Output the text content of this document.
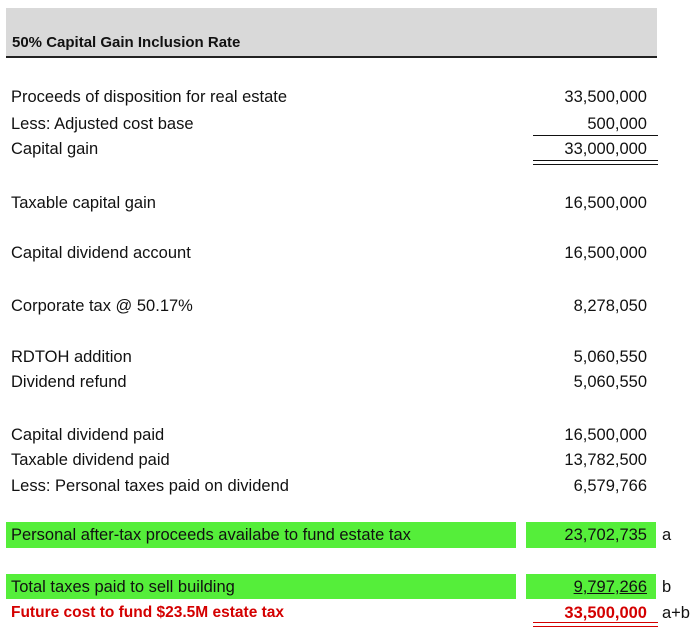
50% Capital Gain Inclusion Rate
Proceeds of disposition for real estate	33,500,000
Less: Adjusted cost base	500,000
Capital gain	33,000,000
Taxable capital gain	16,500,000
Capital dividend account	16,500,000
Corporate tax @ 50.17%	8,278,050
RDTOH addition	5,060,550
Dividend refund	5,060,550
Capital dividend paid	16,500,000
Taxable dividend paid	13,782,500
Less: Personal taxes paid on dividend	6,579,766
Personal after-tax proceeds availabe to fund estate tax	23,702,735 a
Total taxes paid to sell building	9,797,266 b
Future cost to fund $23.5M estate tax	33,500,000 a+b
